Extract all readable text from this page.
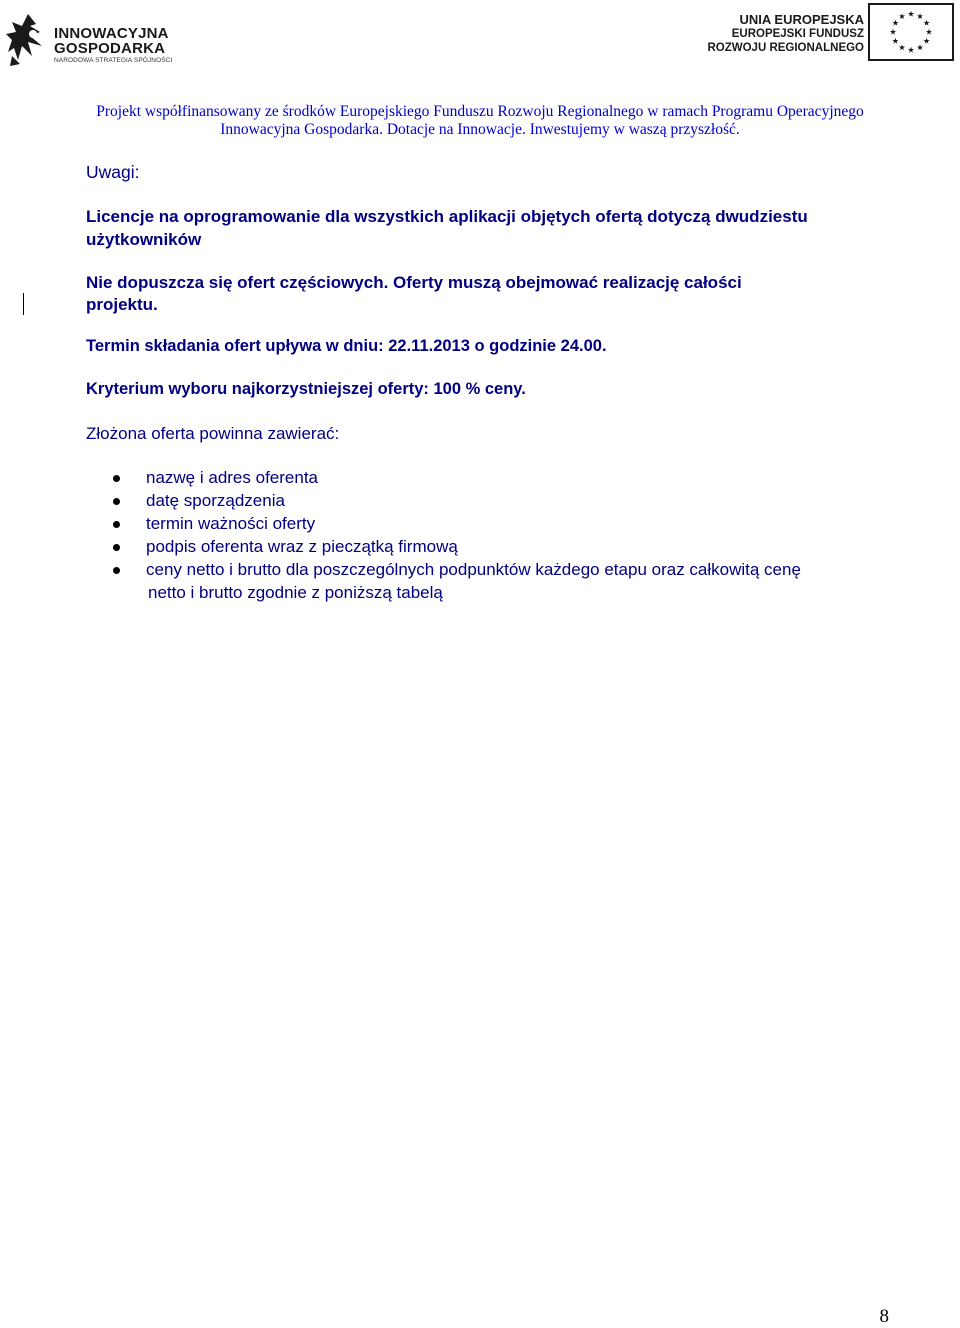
INNOWACYJNA
GOSPODARKA
NARODOWA STRATEGIA SPÓJNOŚCI
UNIA EUROPEJSKA
EUROPEJSKI FUNDUSZ
ROZWOJU REGIONALNEGO
Projekt współfinansowany ze środków Europejskiego Funduszu Rozwoju Regionalnego w ramach Programu Operacyjnego
Innowacyjna Gospodarka. Dotacje na Innowacje. Inwestujemy w waszą przyszłość.
Uwagi:
Licencje na oprogramowanie dla wszystkich aplikacji objętych ofertą dotyczą dwudziestu
użytkowników
Nie dopuszcza się ofert częściowych. Oferty muszą obejmować realizację całości
projektu.
Termin składania ofert upływa w dniu: 22.11.2013 o godzinie 24.00.
Kryterium wyboru najkorzystniejszej oferty: 100 % ceny.
Złożona oferta powinna zawierać:
nazwę i adres oferenta
datę sporządzenia
termin ważności oferty
podpis oferenta wraz z pieczątką firmową
ceny netto i brutto dla poszczególnych podpunktów każdego etapu oraz całkowitą cenę
netto i brutto zgodnie z poniższą tabelą
8
